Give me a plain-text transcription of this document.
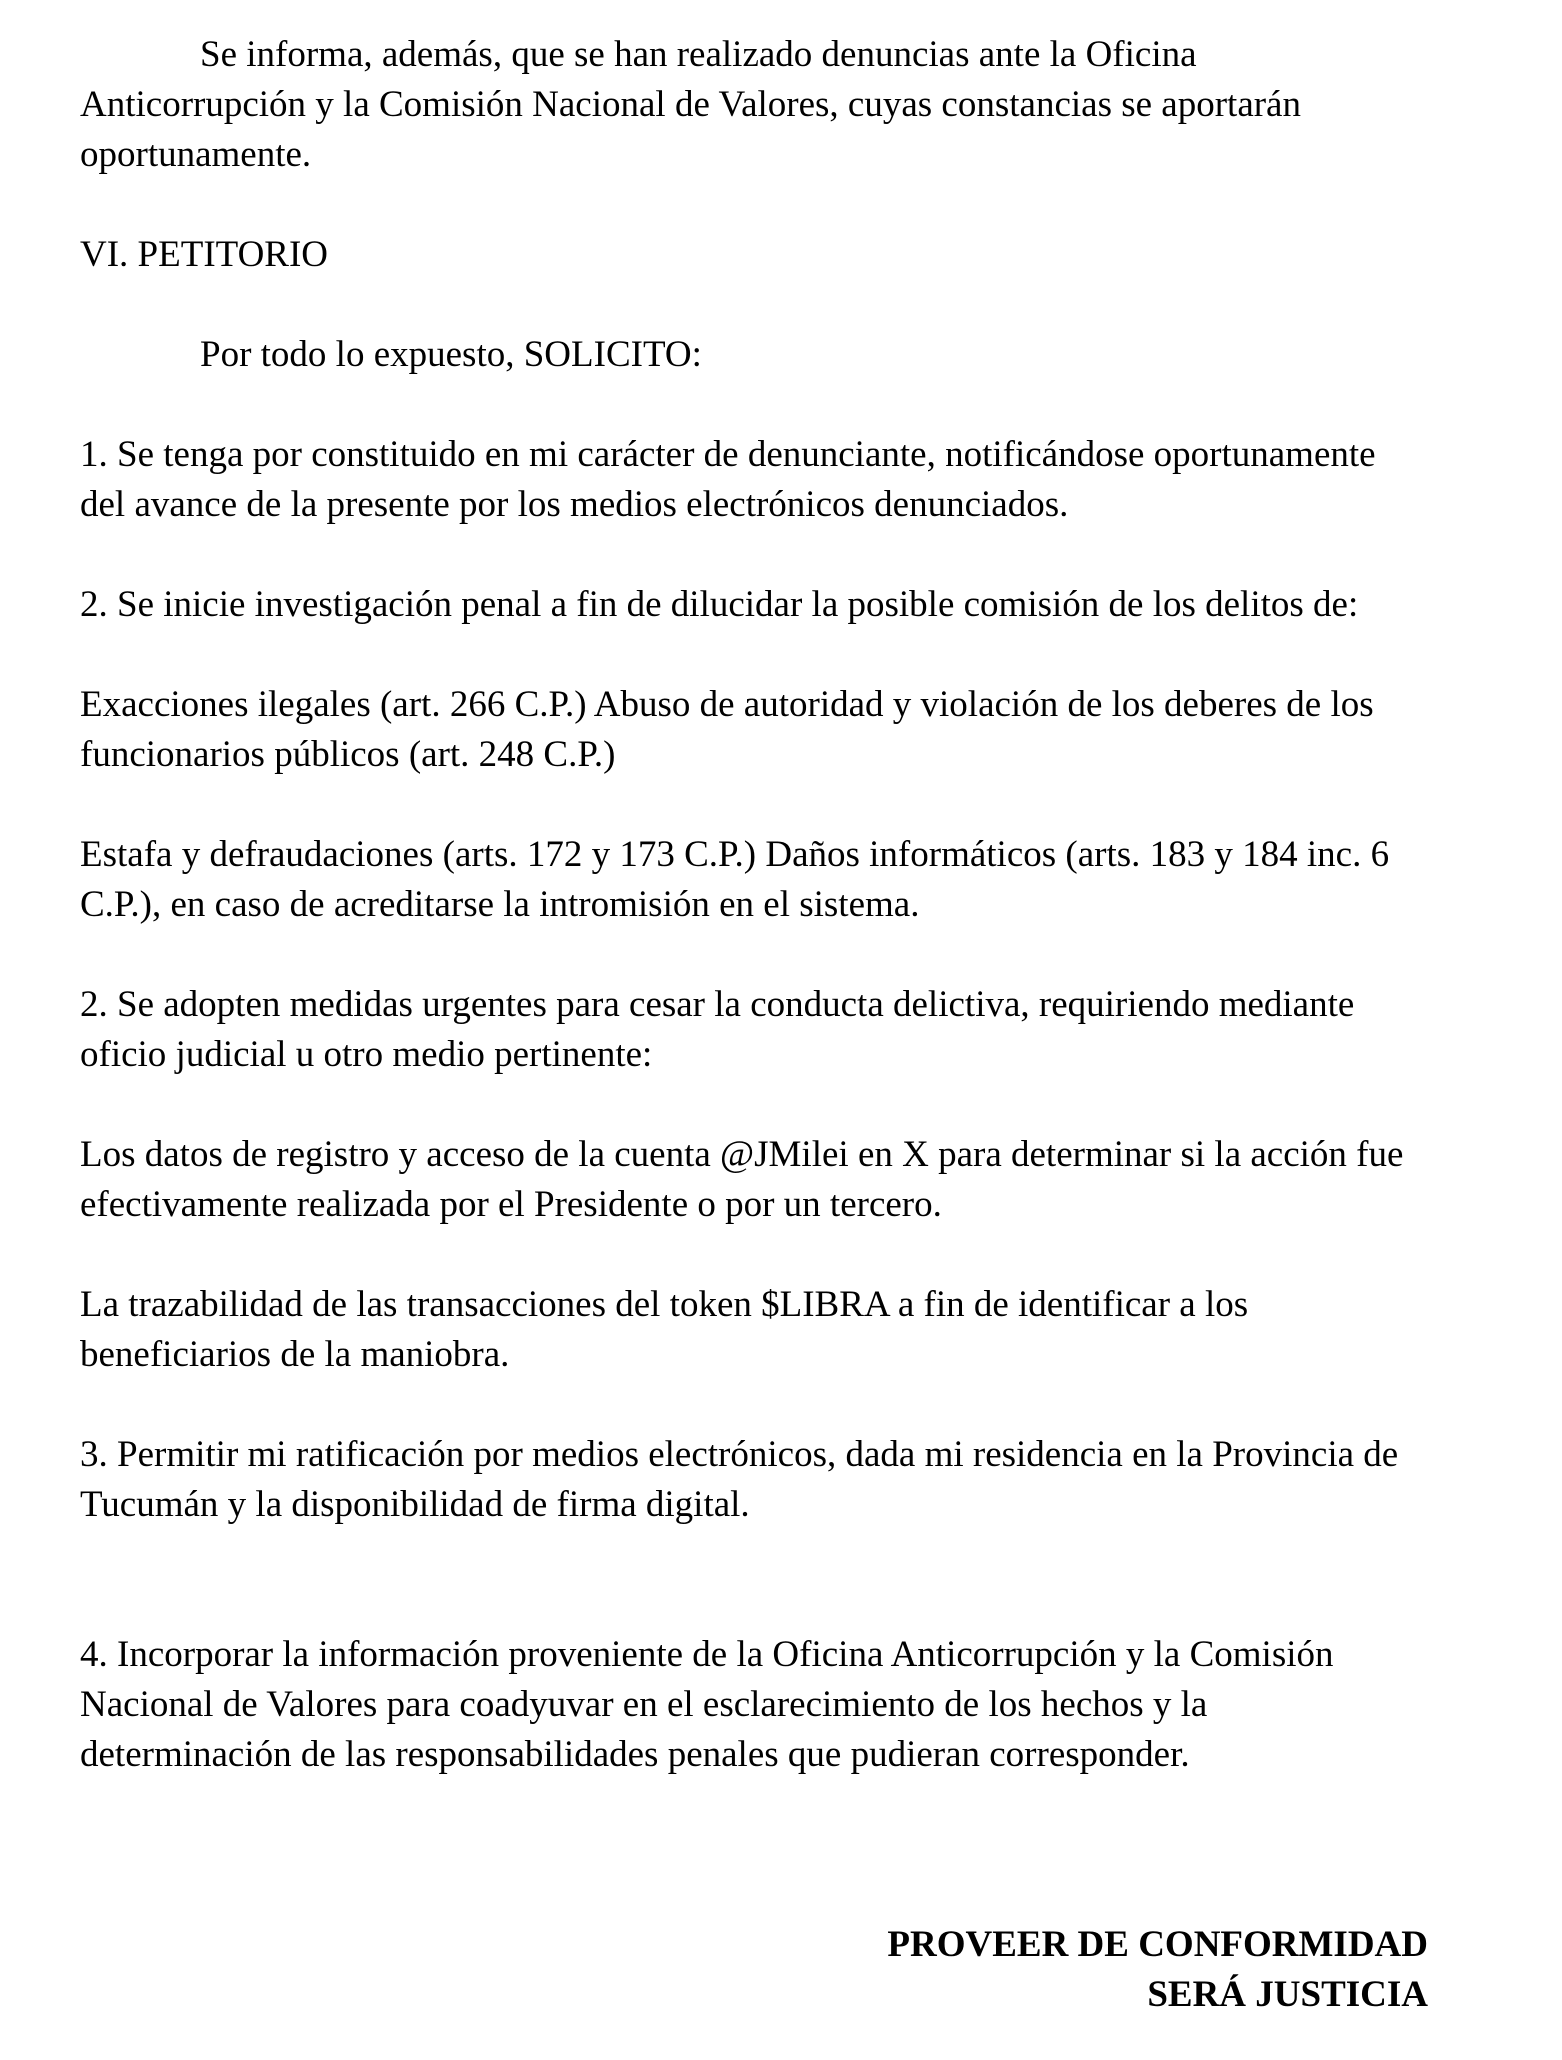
Se informa, además, que se han realizado denuncias ante la Oficina Anticorrupción y la Comisión Nacional de Valores, cuyas constancias se aportarán oportunamente.

VI. PETITORIO

Por todo lo expuesto, SOLICITO:

1. Se tenga por constituido en mi carácter de denunciante, notificándose oportunamente del avance de la presente por los medios electrónicos denunciados.

2. Se inicie investigación penal a fin de dilucidar la posible comisión de los delitos de:

Exacciones ilegales (art. 266 C.P.) Abuso de autoridad y violación de los deberes de los funcionarios públicos (art. 248 C.P.)

Estafa y defraudaciones (arts. 172 y 173 C.P.) Daños informáticos (arts. 183 y 184 inc. 6 C.P.), en caso de acreditarse la intromisión en el sistema.

2. Se adopten medidas urgentes para cesar la conducta delictiva, requiriendo mediante oficio judicial u otro medio pertinente:

Los datos de registro y acceso de la cuenta @JMilei en X para determinar si la acción fue efectivamente realizada por el Presidente o por un tercero.

La trazabilidad de las transacciones del token $LIBRA a fin de identificar a los beneficiarios de la maniobra.

3. Permitir mi ratificación por medios electrónicos, dada mi residencia en la Provincia de Tucumán y la disponibilidad de firma digital.

4. Incorporar la información proveniente de la Oficina Anticorrupción y la Comisión Nacional de Valores para coadyuvar en el esclarecimiento de los hechos y la determinación de las responsabilidades penales que pudieran corresponder.

PROVEER DE CONFORMIDAD

SERÁ JUSTICIA
